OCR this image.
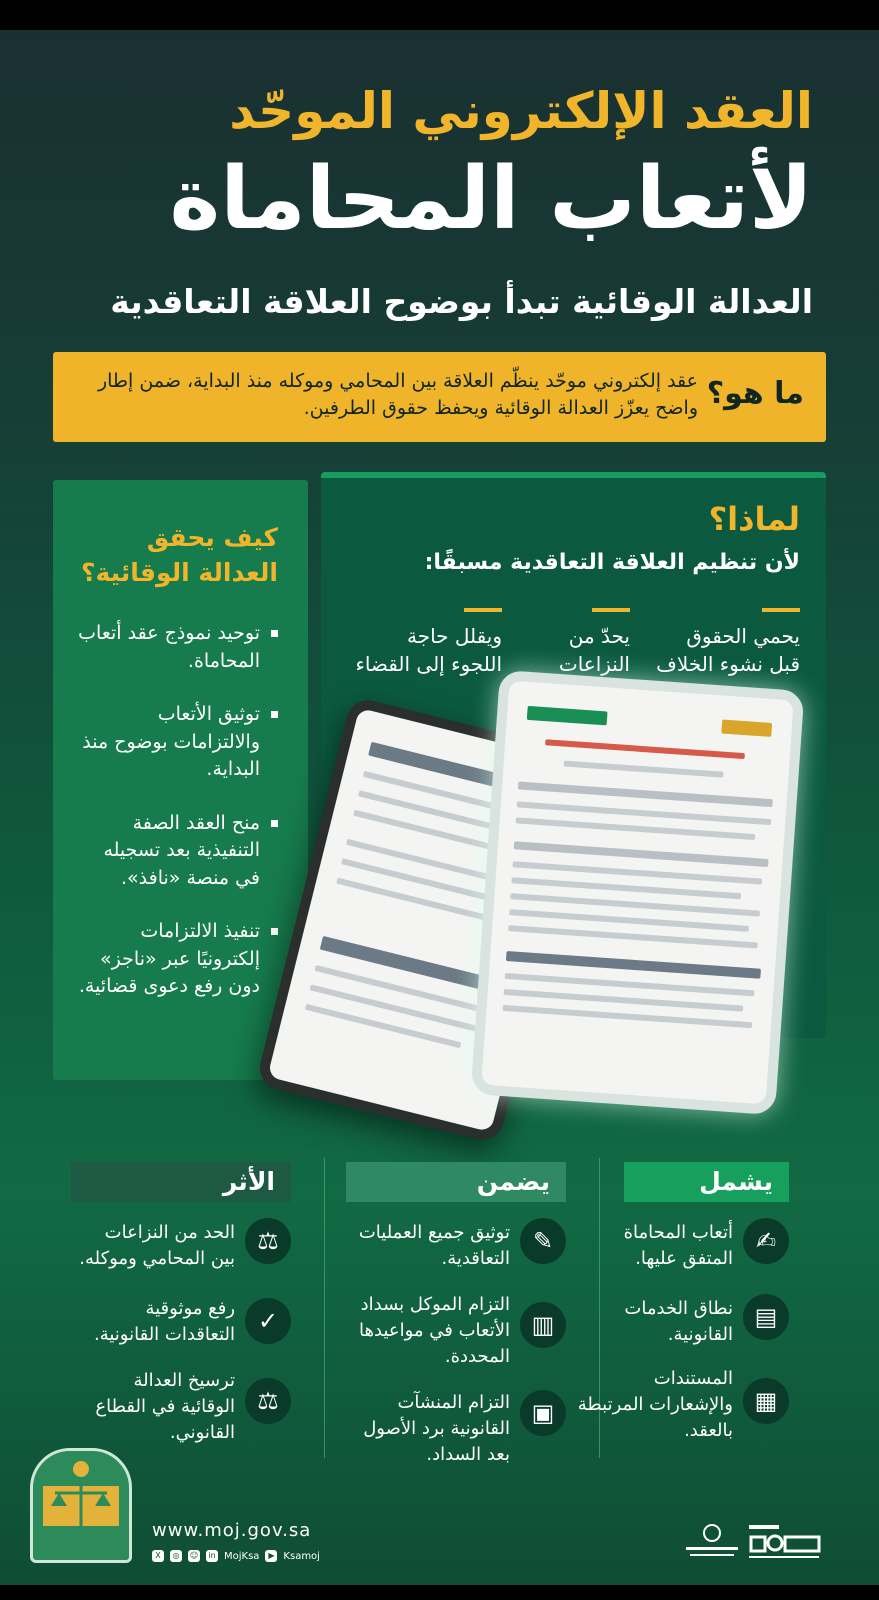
العقد الإلكتروني الموحّد
لأتعاب المحاماة
العدالة الوقائية تبدأ بوضوح العلاقة التعاقدية
ما هو؟
عقد إلكتروني موحّد ينظّم العلاقة بين المحامي وموكله منذ البداية، ضمن إطار واضح يعزّز العدالة الوقائية ويحفظ حقوق الطرفين.
لماذا؟
لأن تنظيم العلاقة التعاقدية مسبقًا:
يحمي الحقوق قبل نشوء الخلاف
يحدّ من النزاعات
ويقلل حاجة اللجوء إلى القضاء
كيف يحقق العدالة الوقائية؟
توحيد نموذج عقد أتعاب المحاماة.
توثيق الأتعاب والالتزامات بوضوح منذ البداية.
منح العقد الصفة التنفيذية بعد تسجيله في منصة «نافذ».
تنفيذ الالتزامات إلكترونيًا عبر «ناجز» دون رفع دعوى قضائية.
يشمل
يضمن
الأثر
✍
أتعاب المحاماة المتفق عليها.
▤
نطاق الخدمات القانونية.
▦
المستندات والإشعارات المرتبطة بالعقد.
✎
توثيق جميع العمليات التعاقدية.
▥
التزام الموكل بسداد الأتعاب في مواعيدها المحددة.
▣
التزام المنشآت القانونية برد الأصول بعد السداد.
⚖
الحد من النزاعات بين المحامي وموكله.
✓
رفع موثوقية التعاقدات القانونية.
⚖
ترسيخ العدالة الوقائية في القطاع القانوني.
www.moj.gov.sa
X	◎	☺ in MojKsa	▶ Ksamoj
